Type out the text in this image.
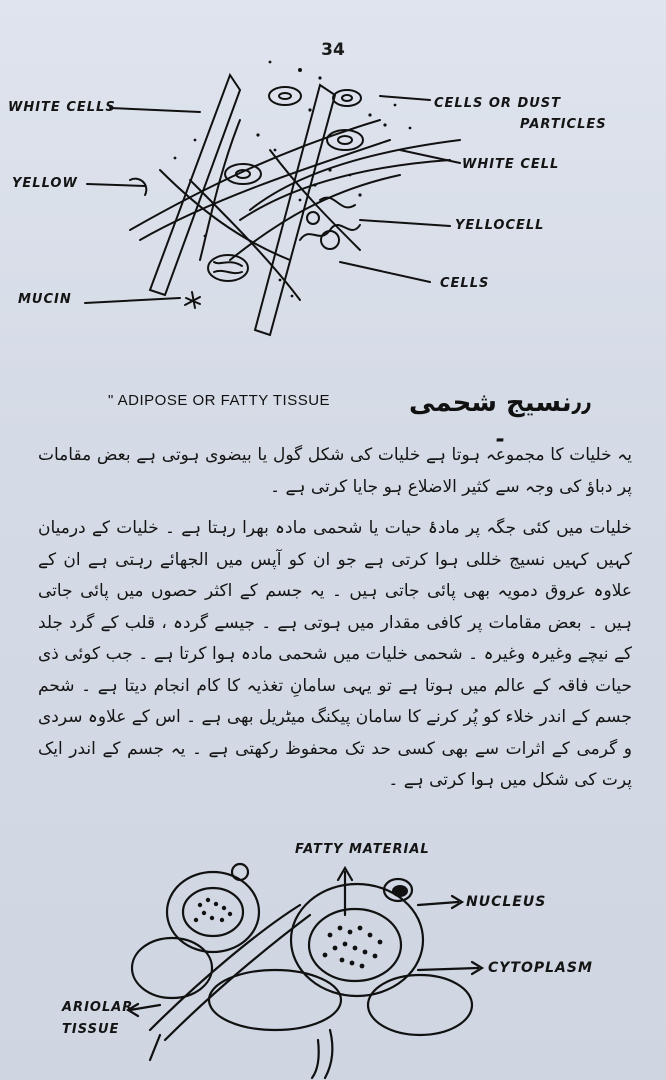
34
WHITE CELLS	CELLS OR DUST
PARTICLES
WHITE CELL
YELLOW
YELLOCELL
CELLS
MUCIN
" ADIPOSE OR FATTY TISSUE	٫٫نسیج شحمی ۔

یہ خلیات کا مجموعہ ہوتا ہے خلیات کی شکل گول یا بیضوی ہوتی ہے بعض مقامات پر دباؤ کی وجہ سے کثیر الاضلاع ہو جایا کرتی ہے ۔

خلیات میں کئی جگہ پر مادۂ حیات یا شحمی مادہ بھرا رہتا ہے ۔ خلیات کے درمیان کہیں کہیں نسیج خللی ہوا کرتی ہے جو ان کو آپس میں الجھائے رہتی ہے ان کے علاوہ عروق دمویہ بھی پائی جاتی ہیں ۔ یہ جسم کے اکثر حصوں میں پائی جاتی ہیں ۔ بعض مقامات پر کافی مقدار میں ہوتی ہے ۔ جیسے گردہ ، قلب کے گرد جلد کے نیچے وغیرہ وغیرہ ۔ شحمی خلیات میں شحمی مادہ ہوا کرتا ہے ۔ جب کوئی ذی حیات فاقہ کے عالم میں ہوتا ہے تو یہی سامانِ تغذیہ کا کام انجام دیتا ہے ۔ شحم جسم کے اندر خلاء کو پُر کرنے کا سامان پیکنگ میٹریل بھی ہے ۔ اس کے علاوہ سردی و گرمی کے اثرات سے بھی کسی حد تک محفوظ رکھتی ہے ۔ یہ جسم کے اندر ایک پرت کی شکل میں ہوا کرتی ہے ۔

FATTY MATERIAL
NUCLEUS
CYTOPLASM
ARIOLAR
TISSUE
